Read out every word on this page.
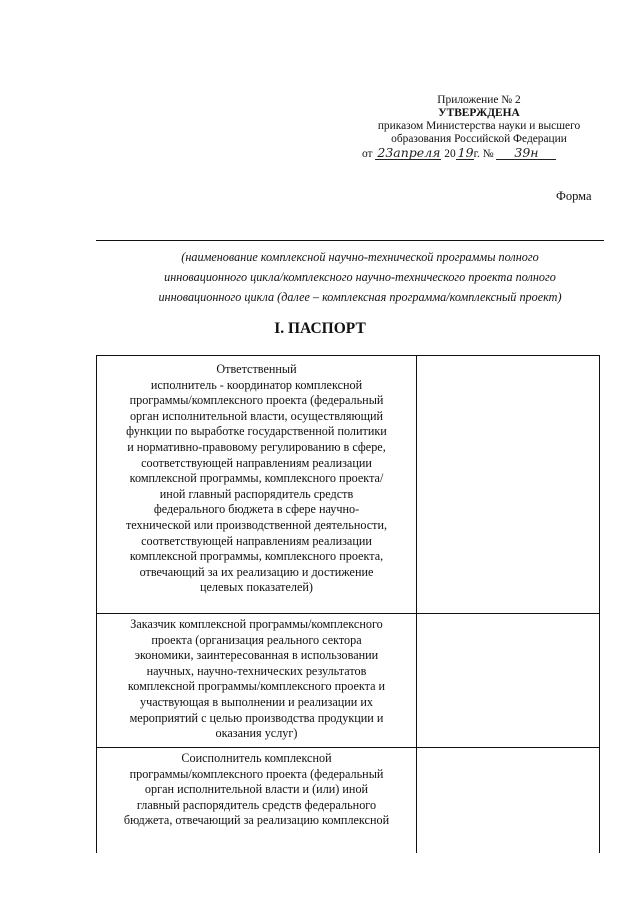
Приложение № 2
УТВЕРЖДЕНА
приказом Министерства науки и высшего
образования Российской Федерации
от 23апреля 20 19г. № 39н
Форма
(наименование комплексной научно-технической программы полного
инновационного цикла/комплексного научно-технического проекта полного
инновационного цикла (далее – комплексная программа/комплексный проект)
I. ПАСПОРТ
Ответственный
исполнитель - координатор комплексной
программы/комплексного проекта (федеральный
орган исполнительной власти, осуществляющий
функции по выработке государственной политики
и нормативно-правовому регулированию в сфере,
соответствующей направлениям реализации
комплексной программы, комплексного проекта/
иной главный распорядитель средств
федерального бюджета в сфере научно-
технической или производственной деятельности,
соответствующей направлениям реализации
комплексной программы, комплексного проекта,
отвечающий за их реализацию и достижение
целевых показателей)
Заказчик комплексной программы/комплексного
проекта (организация реального сектора
экономики, заинтересованная в использовании
научных, научно-технических результатов
комплексной программы/комплексного проекта и
участвующая в выполнении и реализации их
мероприятий с целью производства продукции и
оказания услуг)
Соисполнитель комплексной
программы/комплексного проекта (федеральный
орган исполнительной власти и (или) иной
главный распорядитель средств федерального
бюджета, отвечающий за реализацию комплексной
